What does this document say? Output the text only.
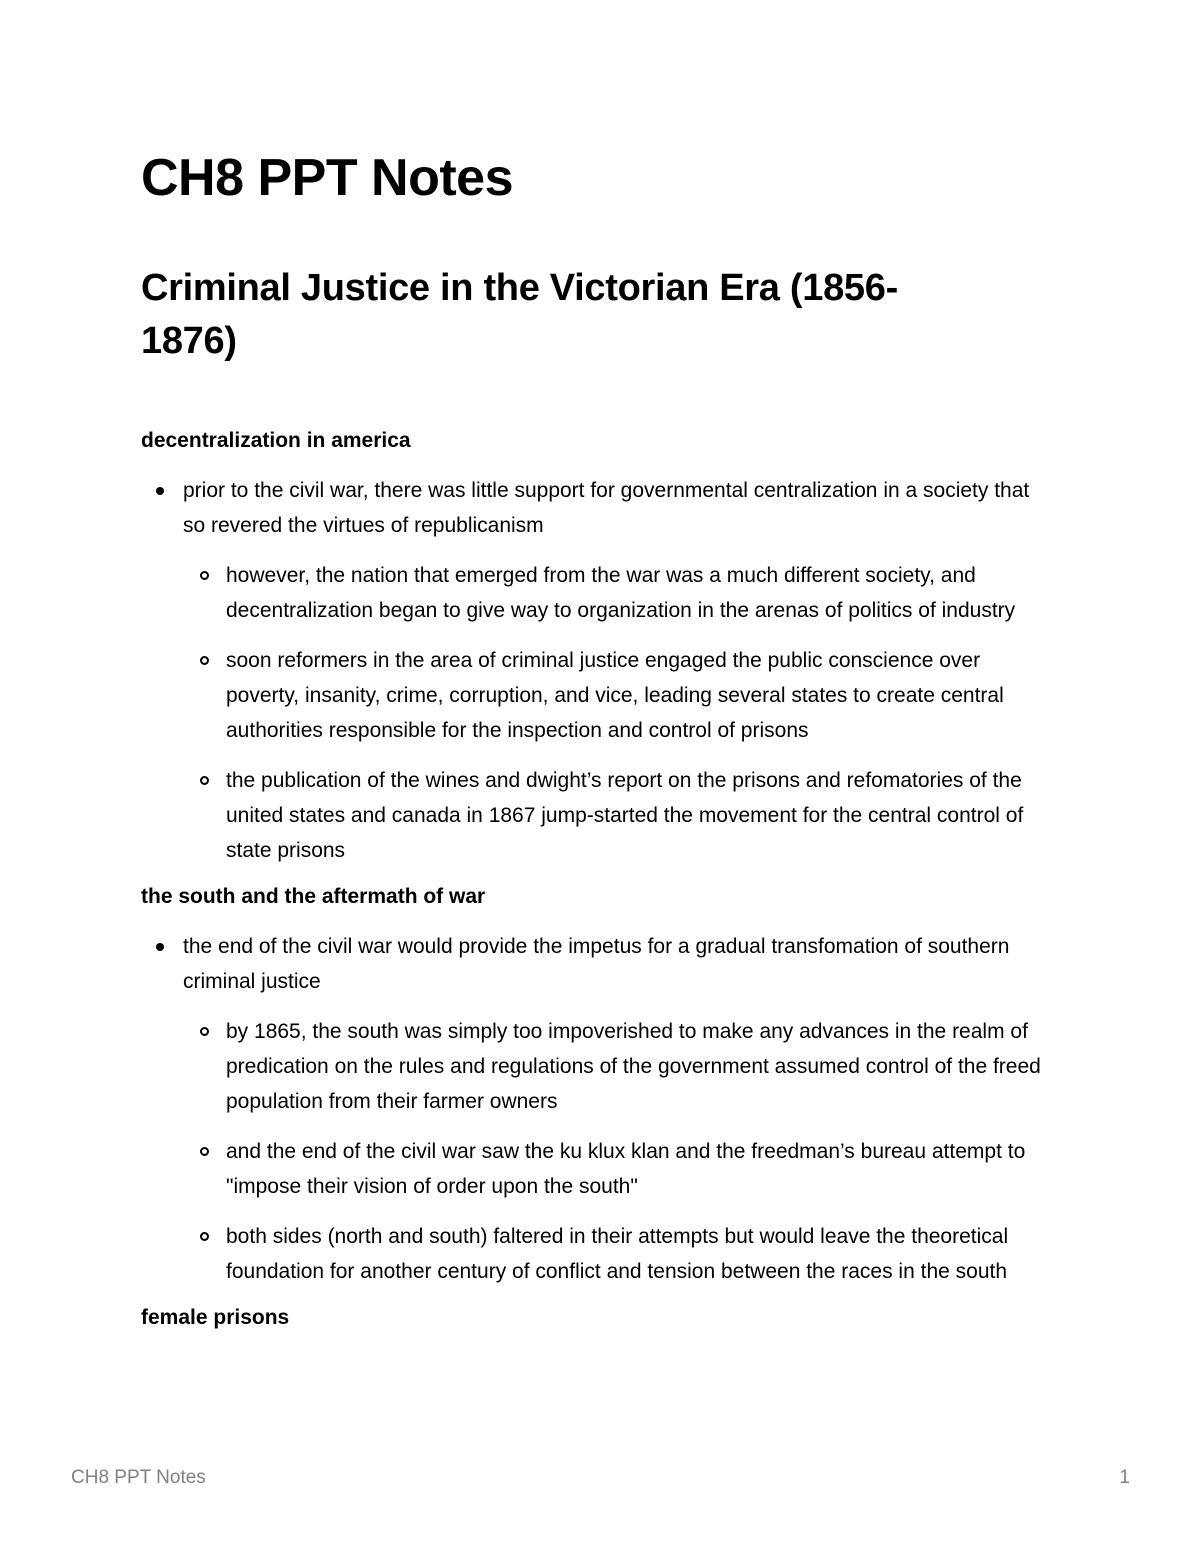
CH8 PPT Notes
Criminal Justice in the Victorian Era (1856-
1876)
decentralization in america
prior to the civil war, there was little support for governmental centralization in a society that so revered the virtues of republicanism
however, the nation that emerged from the war was a much different society, and decentralization began to give way to organization in the arenas of politics of industry
soon reformers in the area of criminal justice engaged the public conscience over poverty, insanity, crime, corruption, and vice, leading several states to create central authorities responsible for the inspection and control of prisons
the publication of the wines and dwight’s report on the prisons and refomatories of the united states and canada in 1867 jump-started the movement for the central control of state prisons
the south and the aftermath of war
the end of the civil war would provide the impetus for a gradual transfomation of southern criminal justice
by 1865, the south was simply too impoverished to make any advances in the realm of predication on the rules and regulations of the government assumed control of the freed population from their farmer owners
and the end of the civil war saw the ku klux klan and the freedman’s bureau attempt to "impose their vision of order upon the south"
both sides (north and south) faltered in their attempts but would leave the theoretical foundation for another century of conflict and tension between the races in the south
female prisons
CH8 PPT Notes	1
